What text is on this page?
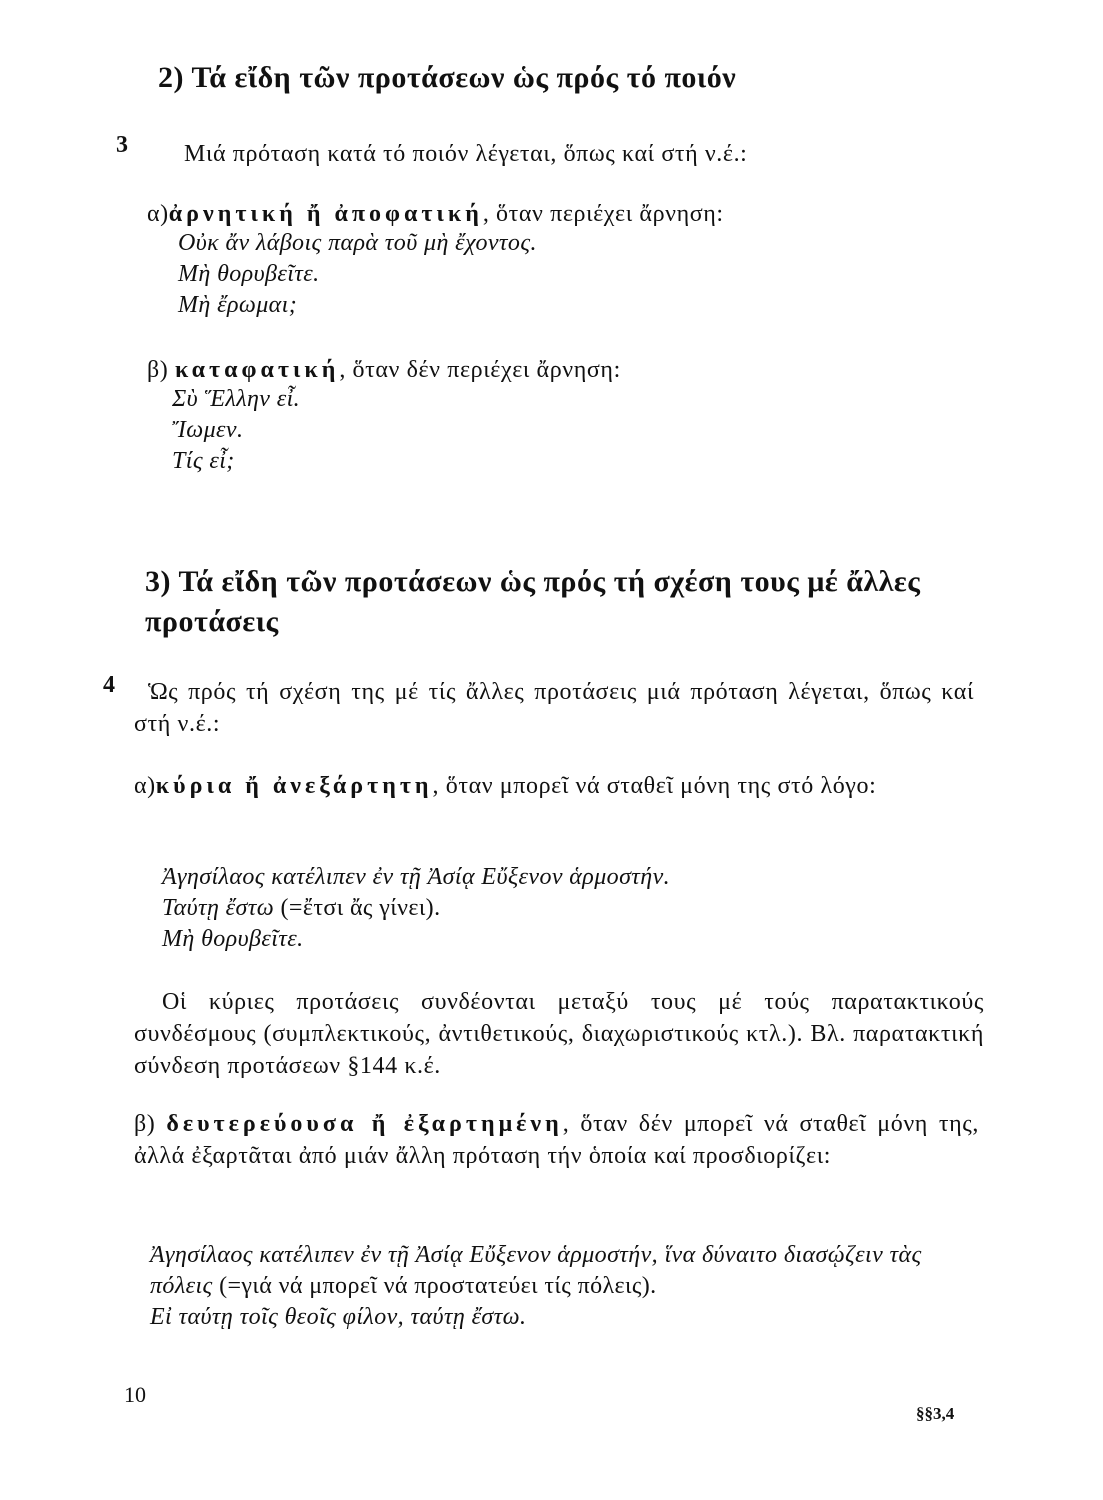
2) Τά εἴδη τῶν προτάσεων ὡς πρός τό ποιόν
3 Μιά πρόταση κατά τό ποιόν λέγεται, ὅπως καί στή ν.έ.:

α)ἀρνητική ἤ ἀποφατική, ὅταν περιέχει ἄρνηση:

Οὐκ ἄν λάβοις παρὰ τοῦ μὴ ἔχοντος.
Μὴ θορυβεῖτε.
Μὴ ἔρωμαι;

β) καταφατική, ὅταν δέν περιέχει ἄρνηση:

Σὺ Ἕλλην εἶ.
Ἴωμεν.
Τίς εἶ;
3) Τά εἴδη τῶν προτάσεων ὡς πρός τή σχέση τους μέ ἄλλες προτάσεις
4	Ὡς πρός τή σχέση της μέ τίς ἄλλες προτάσεις μιά πρόταση λέγεται, ὅπως καί στή ν.έ.:

α)κύρια ἤ ἀνεξάρτητη, ὅταν μπορεῖ νά σταθεῖ μόνη της στό λόγο:

Ἀγησίλαος κατέλιπεν ἐν τῇ Ἀσίᾳ Εὔξενον ἁρμοστήν.
Ταύτῃ ἔστω (=ἔτσι ἄς γίνει).
Μὴ θορυβεῖτε.

Οἱ κύριες προτάσεις συνδέονται μεταξύ τους μέ τούς παρατακτικούς συνδέσμους (συμπλεκτικούς, ἀντιθετικούς, διαχωριστικούς κτλ.). Βλ. παρατακτική σύνδεση προτάσεων §144 κ.έ.

β) δευτερεύουσα ἤ ἐξαρτημένη, ὅταν δέν μπορεῖ νά σταθεῖ μόνη της, ἀλλά ἐξαρτᾶται ἀπό μιάν ἄλλη πρόταση τήν ὁποία καί προσδιορίζει:

Ἀγησίλαος κατέλιπεν ἐν τῇ Ἀσίᾳ Εὔξενον ἁρμοστήν, ἵνα δύναιτο διασῴζειν τὰς πόλεις (=γιά νά μπορεῖ νά προστατεύει τίς πόλεις).
Εἰ ταύτῃ τοῖς θεοῖς φίλον, ταύτῃ ἔστω.

10
§§3,4
